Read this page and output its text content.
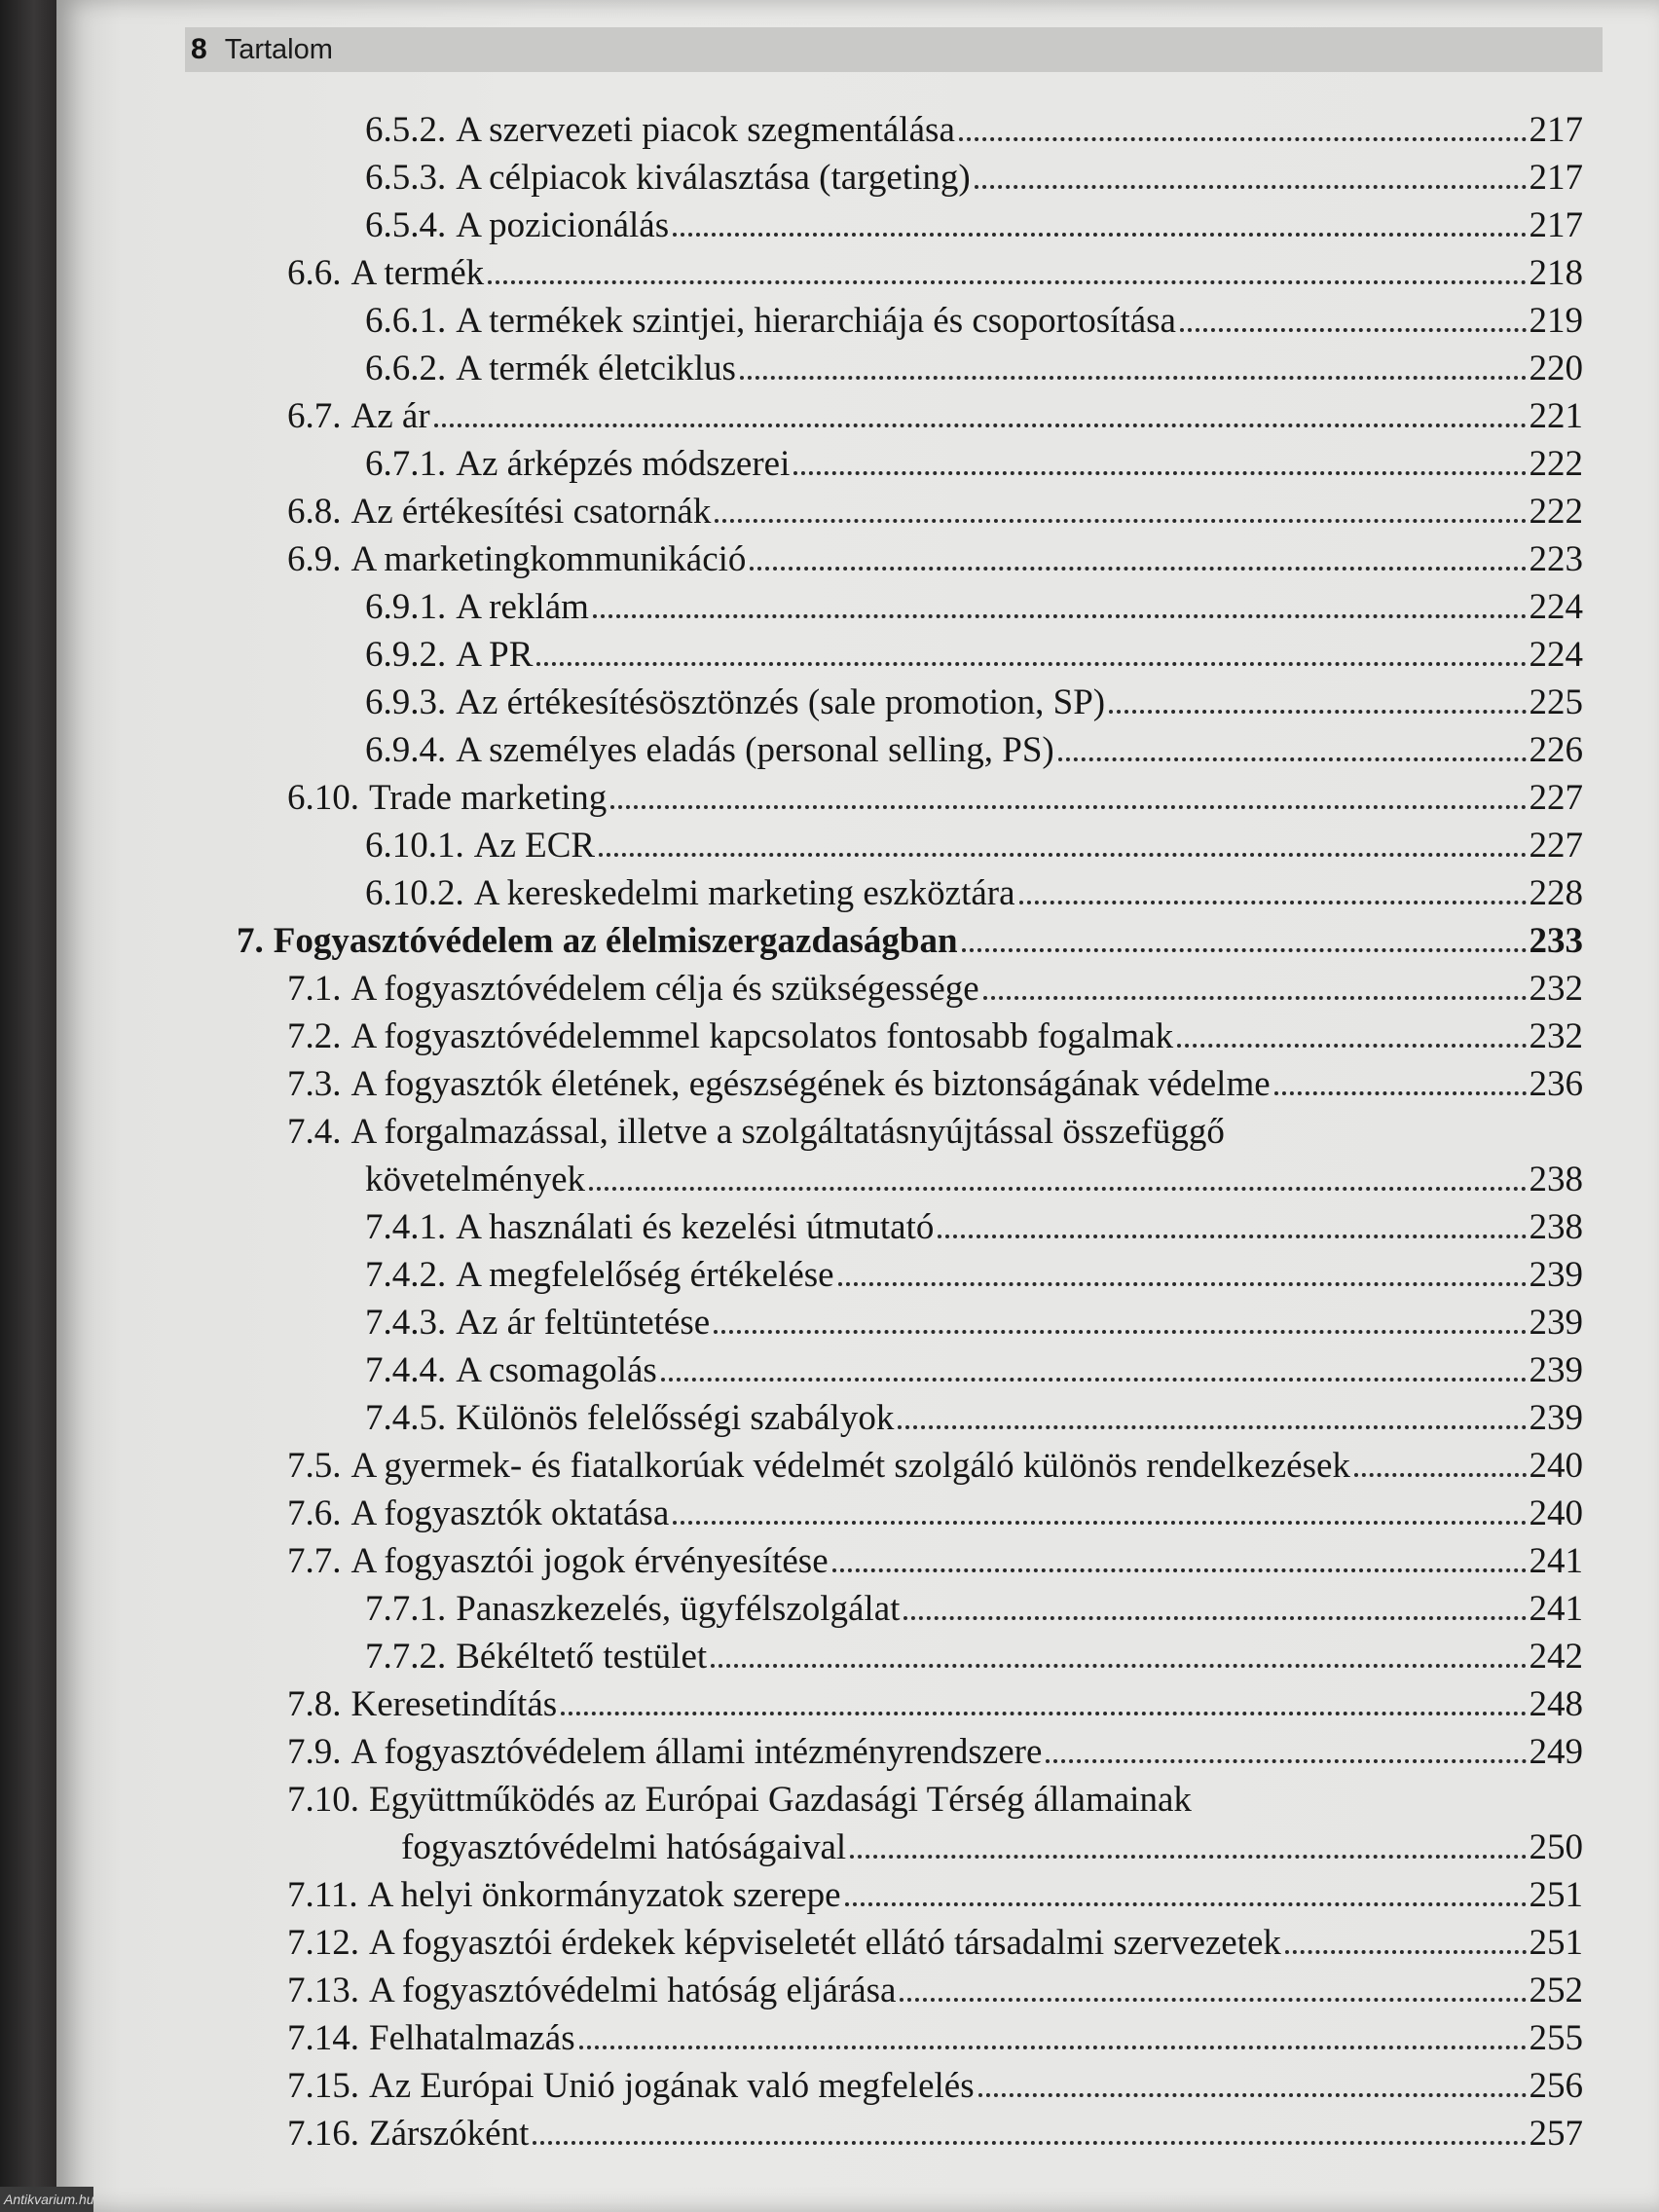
8 Tartalom
6.5.2. A szervezeti piacok szegmentálása	217
6.5.3. A célpiacok kiválasztása (targeting)	217
6.5.4. A pozicionálás	217
6.6. A termék	218
6.6.1. A termékek szintjei, hierarchiája és csoportosítása	219
6.6.2. A termék életciklus	220
6.7. Az ár	221
6.7.1. Az árképzés módszerei	222
6.8. Az értékesítési csatornák	222
6.9. A marketingkommunikáció	223
6.9.1. A reklám	224
6.9.2. A PR	224
6.9.3. Az értékesítésösztönzés (sale promotion, SP)	225
6.9.4. A személyes eladás (personal selling, PS)	226
6.10. Trade marketing	227
6.10.1. Az ECR	227
6.10.2. A kereskedelmi marketing eszköztára	228
7. Fogyasztóvédelem az élelmiszergazdaságban	233
7.1. A fogyasztóvédelem célja és szükségessége	232
7.2. A fogyasztóvédelemmel kapcsolatos fontosabb fogalmak	232
7.3. A fogyasztók életének, egészségének és biztonságának védelme	236
7.4. A forgalmazással, illetve a szolgáltatásnyújtással összefüggő
követelmények	238
7.4.1. A használati és kezelési útmutató	238
7.4.2. A megfelelőség értékelése	239
7.4.3. Az ár feltüntetése	239
7.4.4. A csomagolás	239
7.4.5. Különös felelősségi szabályok	239
7.5. A gyermek- és fiatalkorúak védelmét szolgáló különös rendelkezések	240
7.6. A fogyasztók oktatása	240
7.7. A fogyasztói jogok érvényesítése	241
7.7.1. Panaszkezelés, ügyfélszolgálat	241
7.7.2. Békéltető testület	242
7.8. Keresetindítás	248
7.9. A fogyasztóvédelem állami intézményrendszere	249
7.10. Együttműködés az Európai Gazdasági Térség államainak
fogyasztóvédelmi hatóságaival	250
7.11. A helyi önkormányzatok szerepe	251
7.12. A fogyasztói érdekek képviseletét ellátó társadalmi szervezetek	251
7.13. A fogyasztóvédelmi hatóság eljárása	252
7.14. Felhatalmazás	255
7.15. Az Európai Unió jogának való megfelelés	256
7.16. Zárszóként	257
Antikvarium.hu
